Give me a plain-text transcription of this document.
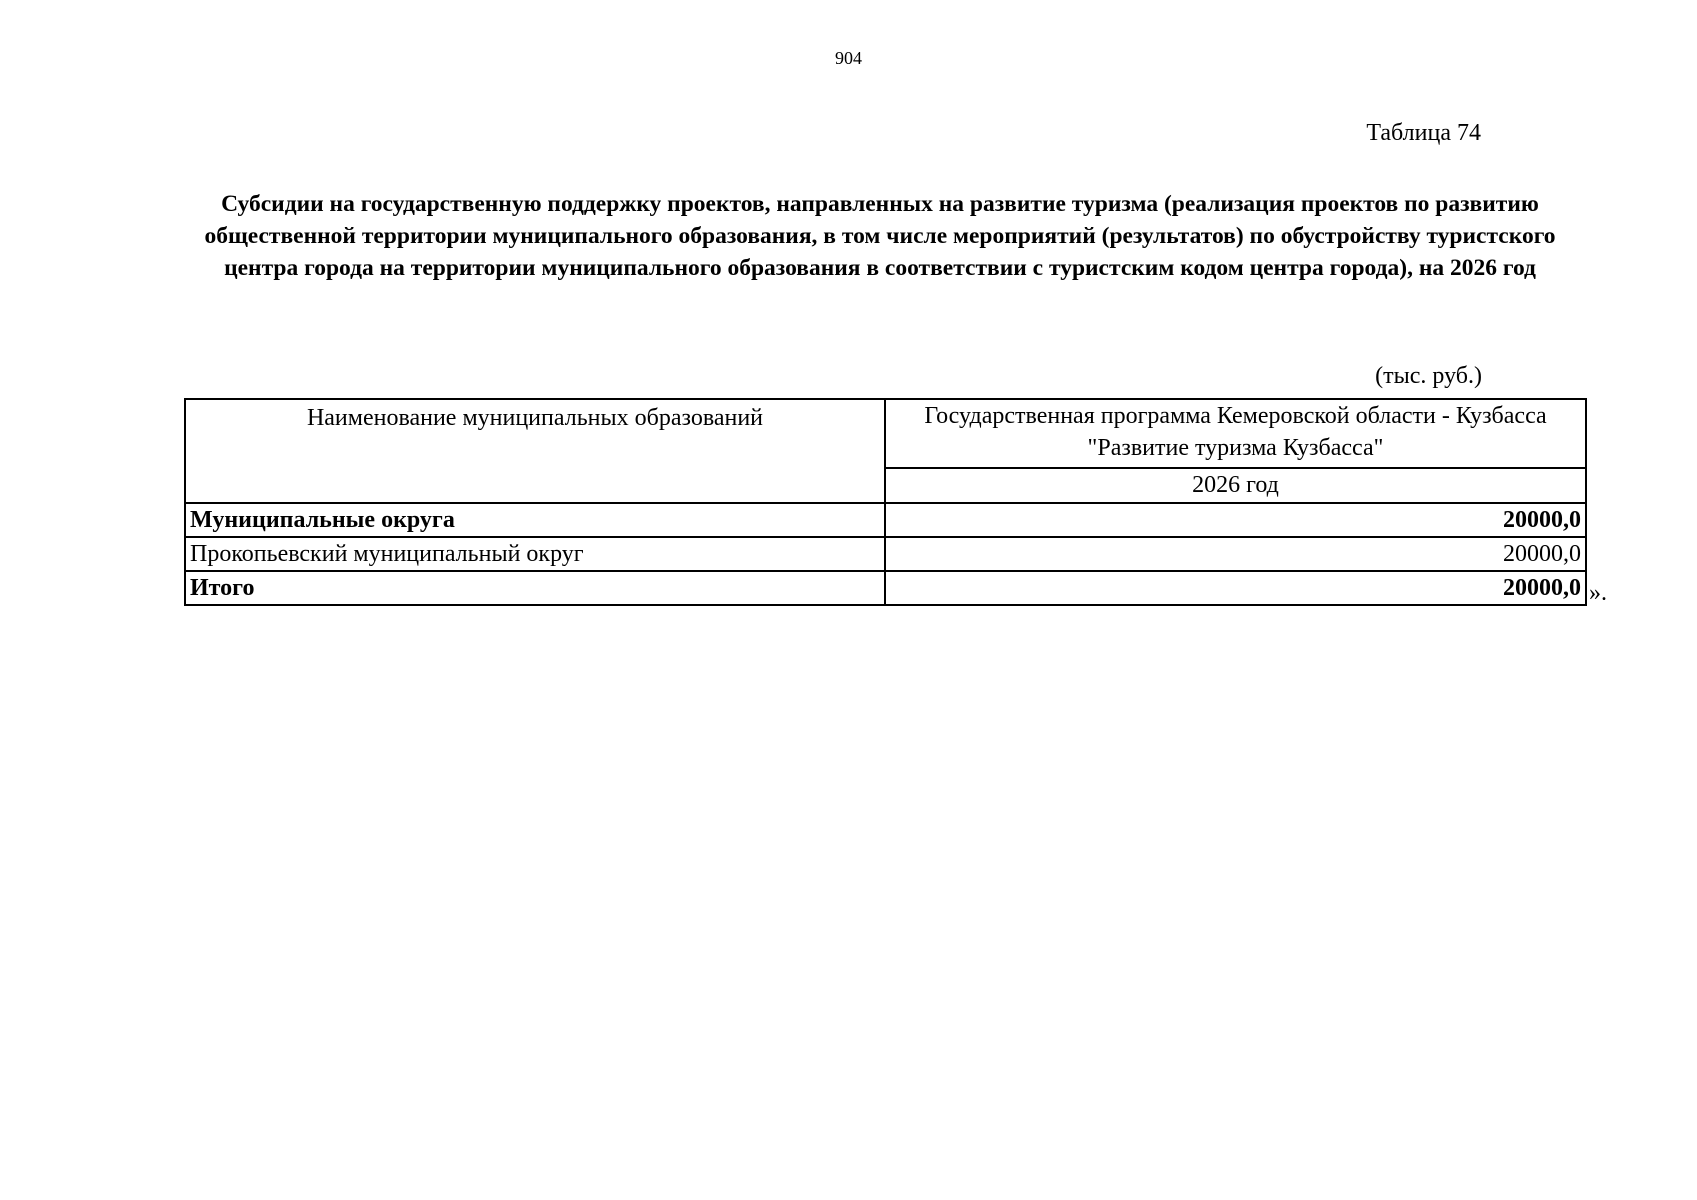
904
Таблица 74
Субсидии на государственную поддержку проектов, направленных на развитие туризма (реализация проектов по развитию общественной территории муниципального образования, в том числе мероприятий (результатов) по обустройству туристского центра города на территории муниципального образования в соответствии с туристским кодом центра города), на 2026 год
(тыс. руб.)
Наименование муниципальных образований	Государственная программа Кемеровской области - Кузбасса "Развитие туризма Кузбасса"
	2026 год
Муниципальные округа	20000,0
Прокопьевский муниципальный округ	20000,0
Итого	20000,0 ».
